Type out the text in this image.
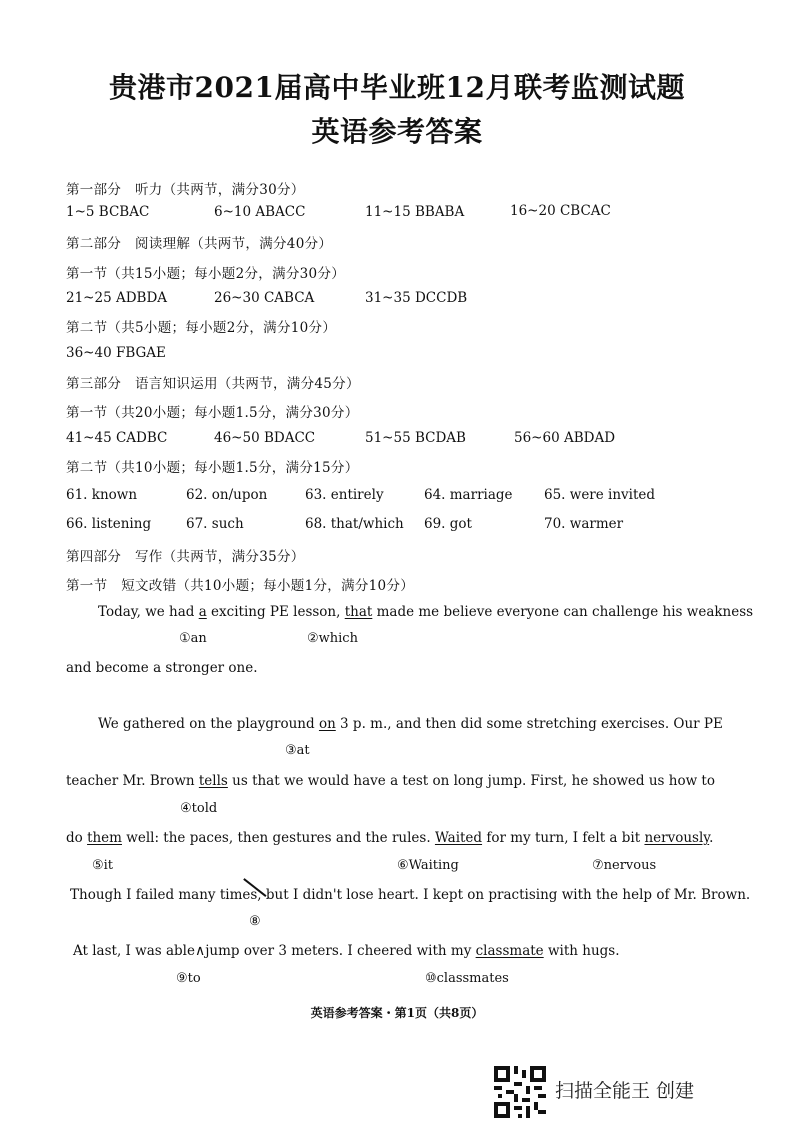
贵港市2021届高中毕业班12月联考监测试题
英语参考答案
第一部分　听力（共两节，满分30分）
1~5 BCBAC	6~10 ABACC	11~15 BBABA	16~20 CBCAC
第二部分　阅读理解（共两节，满分40分）
第一节（共15小题；每小题2分，满分30分）
21~25 ADBDA	26~30 CABCA	31~35 DCCDB
第二节（共5小题；每小题2分，满分10分）
36~40 FBGAE
第三部分　语言知识运用（共两节，满分45分）
第一节（共20小题；每小题1.5分，满分30分）
41~45 CADBC	46~50 BDACC	51~55 BCDAB	56~60 ABDAD
第二节（共10小题；每小题1.5分，满分15分）
61. known	62. on/upon	63. entirely	64. marriage 65. were invited
66. listening	67. such	68. that/which 69. got	70. warmer
第四部分　写作（共两节，满分35分）
第一节　短文改错（共10小题；每小题1分，满分10分）
Today, we had a exciting PE lesson, that made me believe everyone can challenge his weakness
①an	②which
and become a stronger one.
We gathered on the playground on 3 p. m., and then did some stretching exercises. Our PE
③at
teacher Mr. Brown tells us that we would have a test on long jump. First, he showed us how to
④told
do them well: the paces, then gestures and the rules. Waited for my turn, I felt a bit nervously.
⑤it	⑥Waiting	⑦nervous
Though I failed many times, but I didn't lose heart. I kept on practising with the help of Mr. Brown.
⑧
At last, I was able∧jump over 3 meters. I cheered with my classmate with hugs.
⑨to	⑩classmates
英语参考答案・第1页（共8页）
扫描全能王 创建
